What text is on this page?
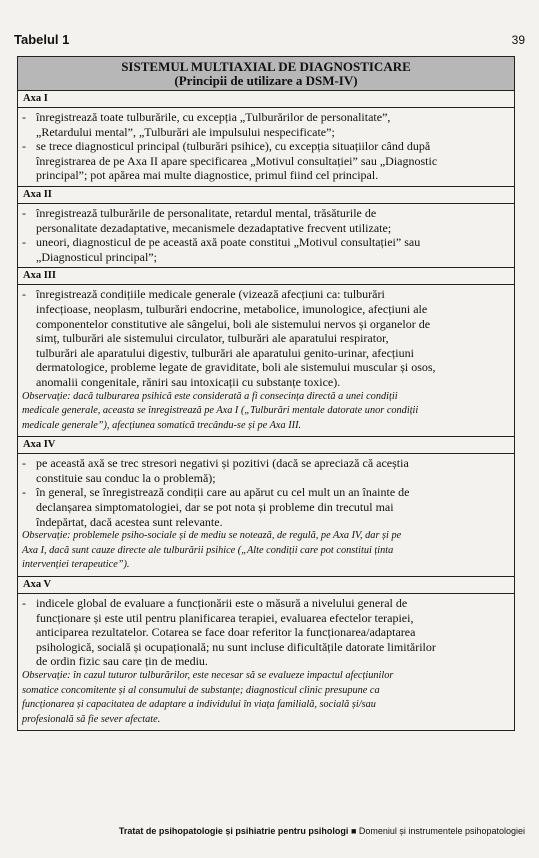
Tabelul 1	39
SISTEMUL MULTIAXIAL DE DIAGNOSTICARE
(Principii de utilizare a DSM-IV)
Axa I
- înregistrează toate tulburările, cu excepția „Tulburărilor de personalitate”,
„Retardului mental”, „Tulburări ale impulsului nespecificate”;
- se trece diagnosticul principal (tulburări psihice), cu excepția situațiilor când după
înregistrarea de pe Axa II apare specificarea „Motivul consultației” sau „Diagnostic
principal”; pot apărea mai multe diagnostice, primul fiind cel principal.
Axa II
- înregistrează tulburările de personalitate, retardul mental, trăsăturile de
personalitate dezadaptative, mecanismele dezadaptative frecvent utilizate;
- uneori, diagnosticul de pe această axă poate constitui „Motivul consultației” sau
„Diagnosticul principal”;
Axa III
- înregistrează condițiile medicale generale (vizează afecțiuni ca: tulburări
infecțioase, neoplasm, tulburări endocrine, metabolice, imunologice, afecțiuni ale
componentelor constitutive ale sângelui, boli ale sistemului nervos și organelor de
simț, tulburări ale sistemului circulator, tulburări ale aparatului respirator,
tulburări ale aparatului digestiv, tulburări ale aparatului genito-urinar, afecțiuni
dermatologice, probleme legate de graviditate, boli ale sistemului muscular și osos,
anomalii congenitale, răniri sau intoxicații cu substanțe toxice).
Observație: dacă tulburarea psihică este considerată a fi consecința directă a unei condiții
medicale generale, aceasta se înregistrează pe Axa I („Tulburări mentale datorate unor condiții
medicale generale”), afecțiunea somatică trecându-se și pe Axa III.
Axa IV
- pe această axă se trec stresori negativi și pozitivi (dacă se apreciază că aceștia
constituie sau conduc la o problemă);
- în general, se înregistrează condiții care au apărut cu cel mult un an înainte de
declanșarea simptomatologiei, dar se pot nota și probleme din trecutul mai
îndepărtat, dacă acestea sunt relevante.
Observație: problemele psiho-sociale și de mediu se notează, de regulă, pe Axa IV, dar și pe
Axa I, dacă sunt cauze directe ale tulburării psihice („Alte condiții care pot constitui ținta
intervenției terapeutice”).
Axa V
- indicele global de evaluare a funcționării este o măsură a nivelului general de
funcționare și este util pentru planificarea terapiei, evaluarea efectelor terapiei,
anticiparea rezultatelor. Cotarea se face doar referitor la funcționarea/adaptarea
psihologică, socială și ocupațională; nu sunt incluse dificultățile datorate limitărilor
de ordin fizic sau care țin de mediu.
Observație: în cazul tuturor tulburărilor, este necesar să se evalueze impactul afecțiunilor
somatice concomitente și al consumului de substanțe; diagnosticul clinic presupune ca
funcționarea și capacitatea de adaptare a individului în viața familială, socială și/sau
profesională să fie sever afectate.
Tratat de psihopatologie și psihiatrie pentru psihologi ■ Domeniul și instrumentele psihopatologiei
